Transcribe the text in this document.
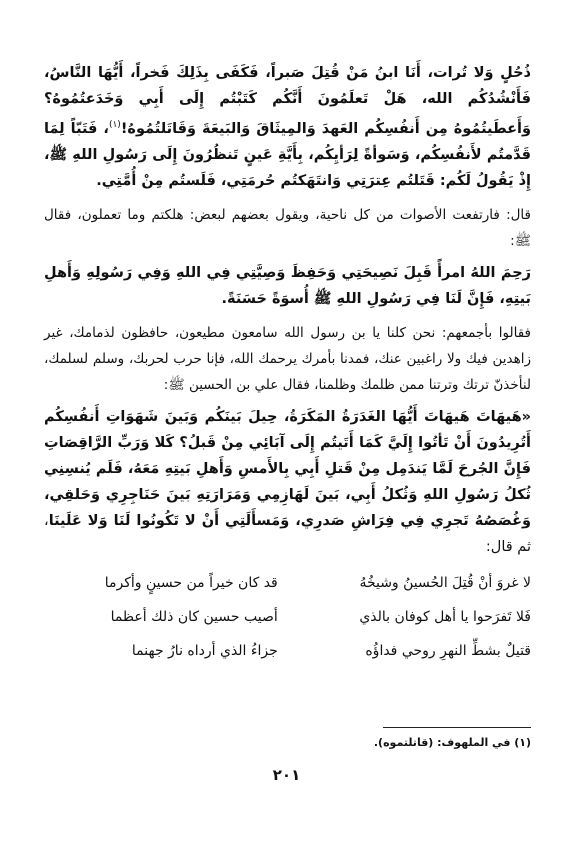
ذُحُلٍ وَلا تُرات، أَنَا ابنُ مَنْ قُتِلَ صَبراً، فَكَفَى بِذَلِكَ فَخراً، أَيُّهَا النَّاسُ، فَأَنْشُدُكُم الله، هَلْ تَعلَمُونَ أَنَّكُم كَتَبْتُم إِلَى أَبِي وَخَدَعتُمُوهُ؟ وَأَعطَيتُمُوهُ مِن أَنفُسِكُم العَهدَ وَالمِيثَاقَ وَالبَيعَةَ وَقَاتَلتُمُوهُ!$^{(١)}$، فَتَبّاً لِمَا قَدَّمتُم لأَنفُسِكُم، وَسَوأةً لِرَأيِكُم، بِأَيَّةِ عَينٍ تَنظُرُونَ إِلَى رَسُولِ اللهِ ﷺ، إِذْ يَقُولُ لَكُم: قَتَلتُم عِترَتِي وَانتَهَكتُم حُرمَتِي، فَلَستُم مِنْ أُمَّتِي.

قال: فارتفعت الأصوات من كل ناحية، ويقول بعضهم لبعض: هلكتم وما تعملون، فقال ﷺ:

رَحِمَ اللهُ امرأً قَبِلَ نَصِيحَتِي وَحَفِظَ وَصِيَّتِي فِي اللهِ وَفِي رَسُولِهِ وَأَهلِ بَيتِهِ، فَإِنَّ لَنَا فِي رَسُولِ اللهِ ﷺ أُسوَةً حَسَنَةً.

فقالوا بأجمعهم: نحن كلنا يا بن رسول الله سامعون مطيعون، حافظون لذمامك، غير زاهدين فيك ولا راغبين عنك، فمدنا بأمرك يرحمك الله، فإنا حرب لحربك، وسلم لسلمك، لنأخذنّ ترتك وترتنا ممن ظلمك وظلمنا، فقال علي بن الحسين ﷺ:

«هَيهَاتَ هَيهَاتَ أَيُّهَا الغَدَرَةُ المَكَرَةُ، حِيلَ بَينَكُم وَبَينَ شَهَوَاتِ أَنفُسِكُم أَتُرِيدُونَ أَنْ تَأتُوا إِلَيَّ كَمَا أَتَيتُم إِلَى آبَائِي مِنْ قَبلُ؟ كَلا وَرَبِّ الرَّاقِصَاتِ فَإِنَّ الجُرحَ لَمَّا يَندَمِل مِنْ قَتلِ أَبِي بِالأَمسِ وَأَهلِ بَيتِهِ مَعَهُ، فَلَم يُنسِنِي ثُكلُ رَسُولِ اللهِ وَثُكلُ أَبِي، بَينَ لَهَازِمِي وَمَرَارَتِهِ بَينَ حَنَاجِرِي وَحَلقِي، وَغُصَصُهُ تَجرِي فِي فِرَاشِ صَدرِي، وَمَسأَلَتِي أَنْ لا تَكُونُوا لَنَا وَلا عَلَينَا، ثم قال:

لا غروَ أنْ قُتِلَ الحُسينُ وشيخُهُ
قد كان خيراً من حسينٍ وأكرما
فَلا تَفرَحوا يا أهل كوفان بالذي
أصيب حسين كان ذلك أعظما
قتيلٌ بشطِّ النهرِ روحي فداؤُه
جزاءُ الذي أرداه نارُ جهنما
(١) في الملهوف: (قاتلتموه).
٢٠١
